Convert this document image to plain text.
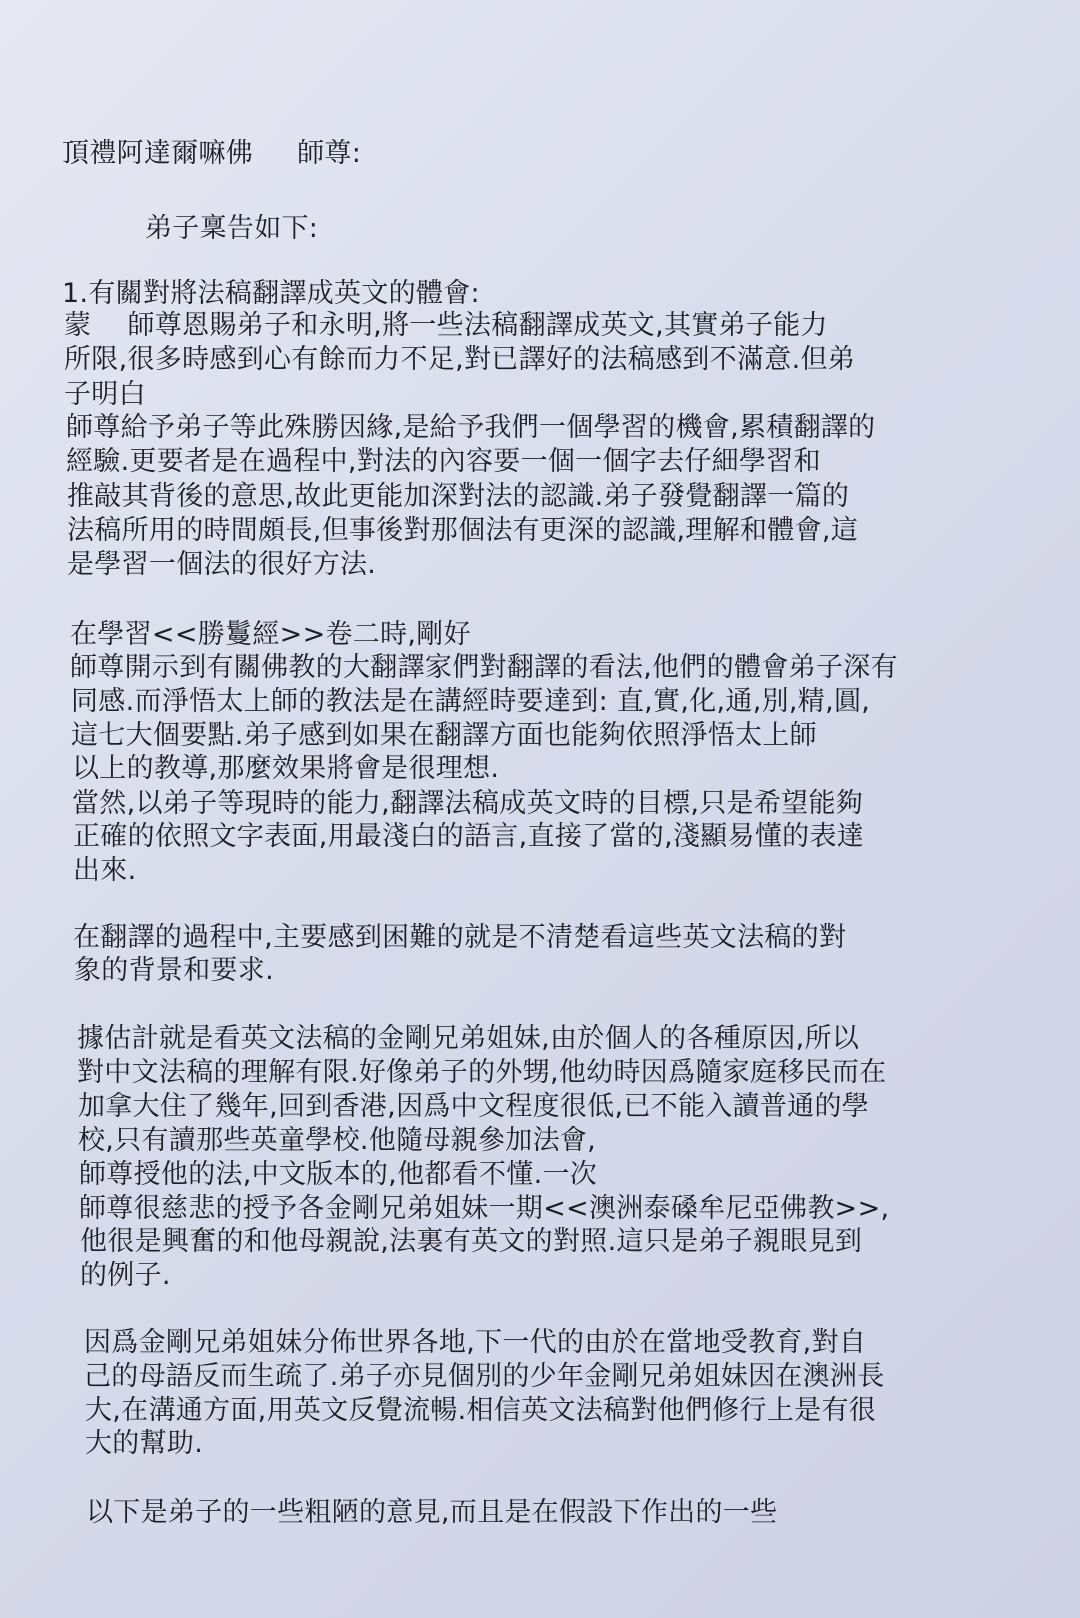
頂禮阿達爾嘛佛 師尊:
弟子稟告如下:
1.有關對將法稿翻譯成英文的體會:
蒙　 師尊恩賜弟子和永明,將一些法稿翻譯成英文,其實弟子能力
所限,很多時感到心有餘而力不足,對已譯好的法稿感到不滿意.但弟
子明白
師尊給予弟子等此殊勝因緣,是給予我們一個學習的機會,累積翻譯的
經驗.更要者是在過程中,對法的內容要一個一個字去仔細學習和
推敲其背後的意思,故此更能加深對法的認識.弟子發覺翻譯一篇的
法稿所用的時間頗長,但事後對那個法有更深的認識,理解和體會,這
是學習一個法的很好方法.
在學習<<勝鬘經>>卷二時,剛好
師尊開示到有關佛教的大翻譯家們對翻譯的看法,他們的體會弟子深有
同感.而淨悟太上師的教法是在講經時要達到: 直,實,化,通,別,精,圓,
這七大個要點.弟子感到如果在翻譯方面也能夠依照淨悟太上師
以上的教導,那麼效果將會是很理想.
當然,以弟子等現時的能力,翻譯法稿成英文時的目標,只是希望能夠
正確的依照文字表面,用最淺白的語言,直接了當的,淺顯易懂的表達
出來.
在翻譯的過程中,主要感到困難的就是不清楚看這些英文法稿的對
象的背景和要求.
據估計就是看英文法稿的金剛兄弟姐妹,由於個人的各種原因,所以
對中文法稿的理解有限.好像弟子的外甥,他幼時因爲隨家庭移民而在
加拿大住了幾年,回到香港,因爲中文程度很低,已不能入讀普通的學
校,只有讀那些英童學校.他隨母親參加法會,
師尊授他的法,中文版本的,他都看不懂.一次
師尊很慈悲的授予各金剛兄弟姐妹一期<<澳洲泰磉牟尼亞佛教>>,
他很是興奮的和他母親說,法裏有英文的對照.這只是弟子親眼見到
的例子.
因爲金剛兄弟姐妹分佈世界各地,下一代的由於在當地受教育,對自
己的母語反而生疏了.弟子亦見個別的少年金剛兄弟姐妹因在澳洲長
大,在溝通方面,用英文反覺流暢.相信英文法稿對他們修行上是有很
大的幫助.
以下是弟子的一些粗陋的意見,而且是在假設下作出的一些
